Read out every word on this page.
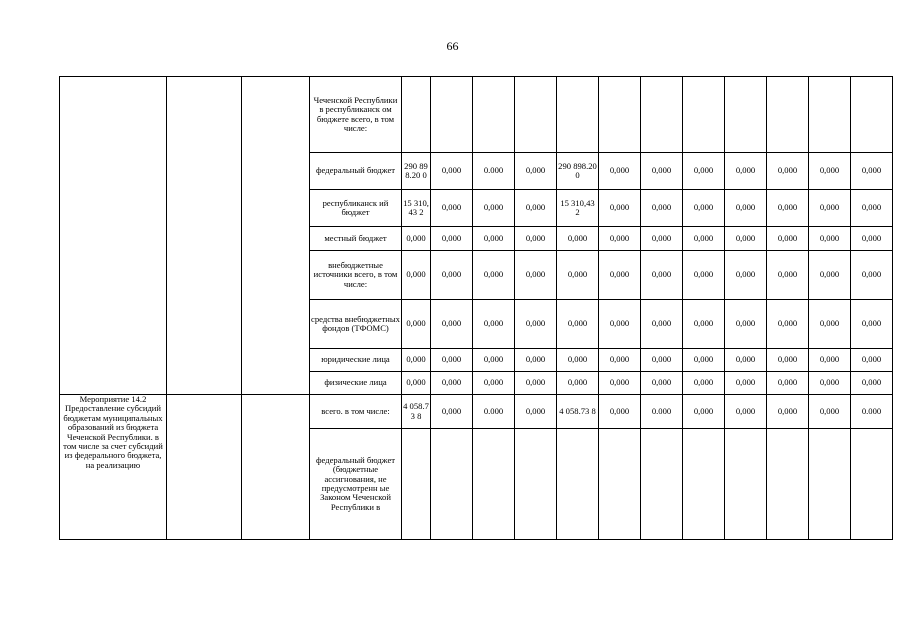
66
			Чеченской Республики в республиканск ом бюджете всего, в том числе:													
			федеральный бюджет	290 898.20 0	0,000	0.000	0,000	290 898.20 0	0,000	0,000	0,000	0,000	0,000	0,000	0,000	
			республиканск ий бюджет	15 310,43 2	0,000	0,000	0,000	15 310,43 2	0,000	0,000	0,000	0,000	0,000	0,000	0,000	
			местный бюджет	0,000	0,000	0,000	0,000	0,000	0,000	0,000	0,000	0,000	0,000	0,000	0,000	
			внебюджетные источники всего, в том числе:	0,000	0,000	0,000	0,000	0,000	0,000	0,000	0,000	0,000	0,000	0,000	0,000	
			средства внебюджетных фондов (ТФОМС)	0,000	0,000	0,000	0,000	0,000	0,000	0,000	0,000	0,000	0,000	0,000	0,000	
			юридические лица	0,000	0,000	0,000	0,000	0,000	0,000	0,000	0,000	0,000	0,000	0,000	0,000	
			физические лица	0,000	0,000	0,000	0,000	0,000	0,000	0,000	0,000	0,000	0,000	0,000	0,000	
Мероприятие 14.2 Предоставление субсидий бюджетам муниципальных образований из бюджета Чеченской Республики. в том числе за счет субсидий из федерального бюджета, на реализацию			всего. в том числе:	4 058.73 8	0,000	0.000	0,000	4 058.73 8	0,000	0.000	0,000	0,000	0,000	0,000	0.000	
			федеральный бюджет (бюджетные ассигнования, не предусмотренн ые Законом Чеченской Республики в													
